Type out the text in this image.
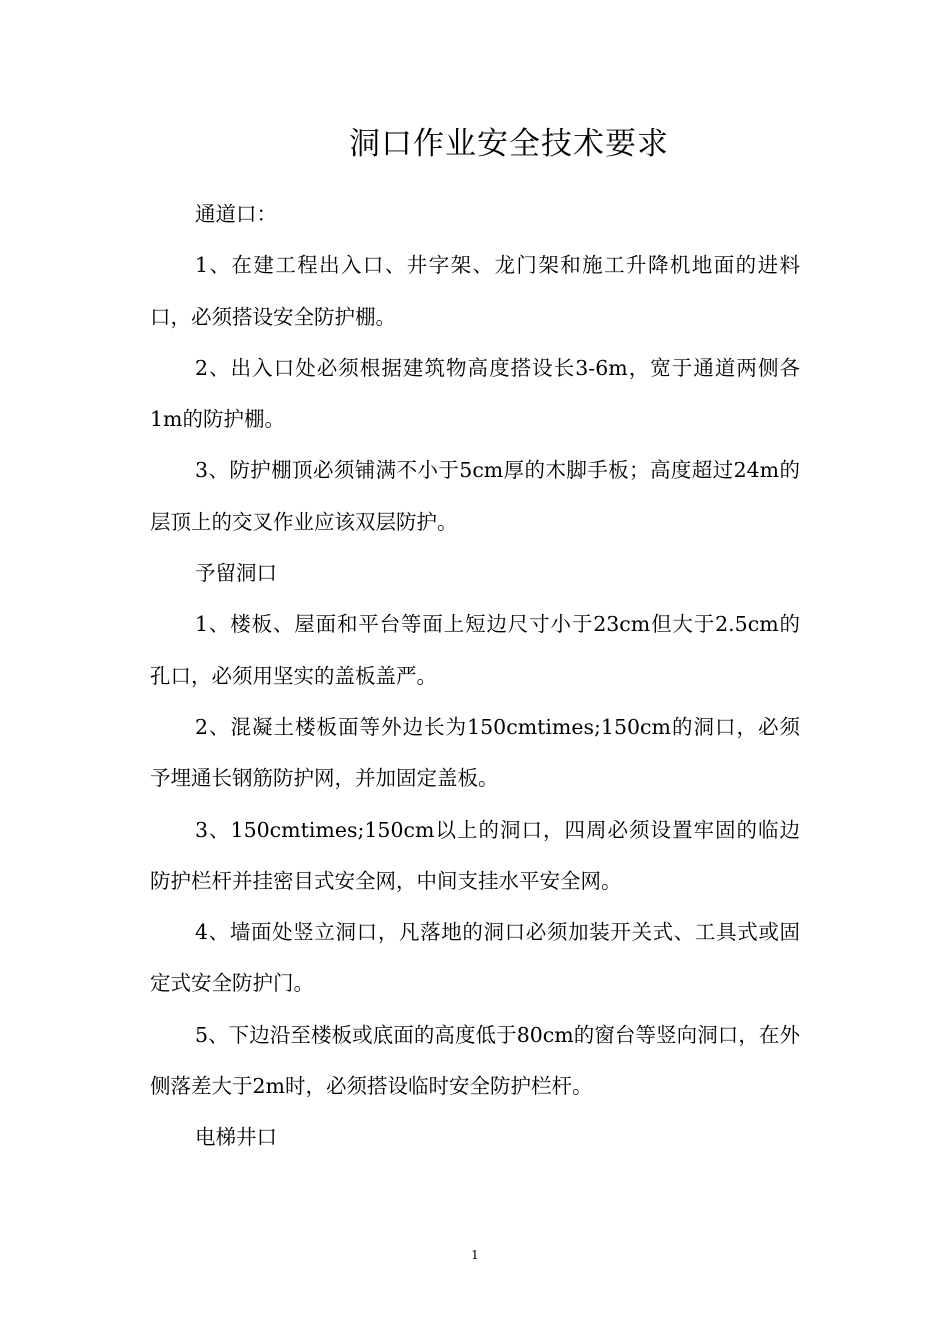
洞口作业安全技术要求

通道口：

1、在建工程出入口、井字架、龙门架和施工升降机地面的进料口，必须搭设安全防护棚。

2、出入口处必须根据建筑物高度搭设长3-6m，宽于通道两侧各1m的防护棚。

3、防护棚顶必须铺满不小于5cm厚的木脚手板；高度超过24m的层顶上的交叉作业应该双层防护。

予留洞口

1、楼板、屋面和平台等面上短边尺寸小于23cm但大于2.5cm的孔口，必须用坚实的盖板盖严。

2、混凝土楼板面等外边长为150cmtimes;150cm的洞口，必须予埋通长钢筋防护网，并加固定盖板。

3、150cmtimes;150cm以上的洞口，四周必须设置牢固的临边防护栏杆并挂密目式安全网，中间支挂水平安全网。

4、墙面处竖立洞口，凡落地的洞口必须加装开关式、工具式或固定式安全防护门。

5、下边沿至楼板或底面的高度低于80cm的窗台等竖向洞口，在外侧落差大于2m时，必须搭设临时安全防护栏杆。

电梯井口

1
